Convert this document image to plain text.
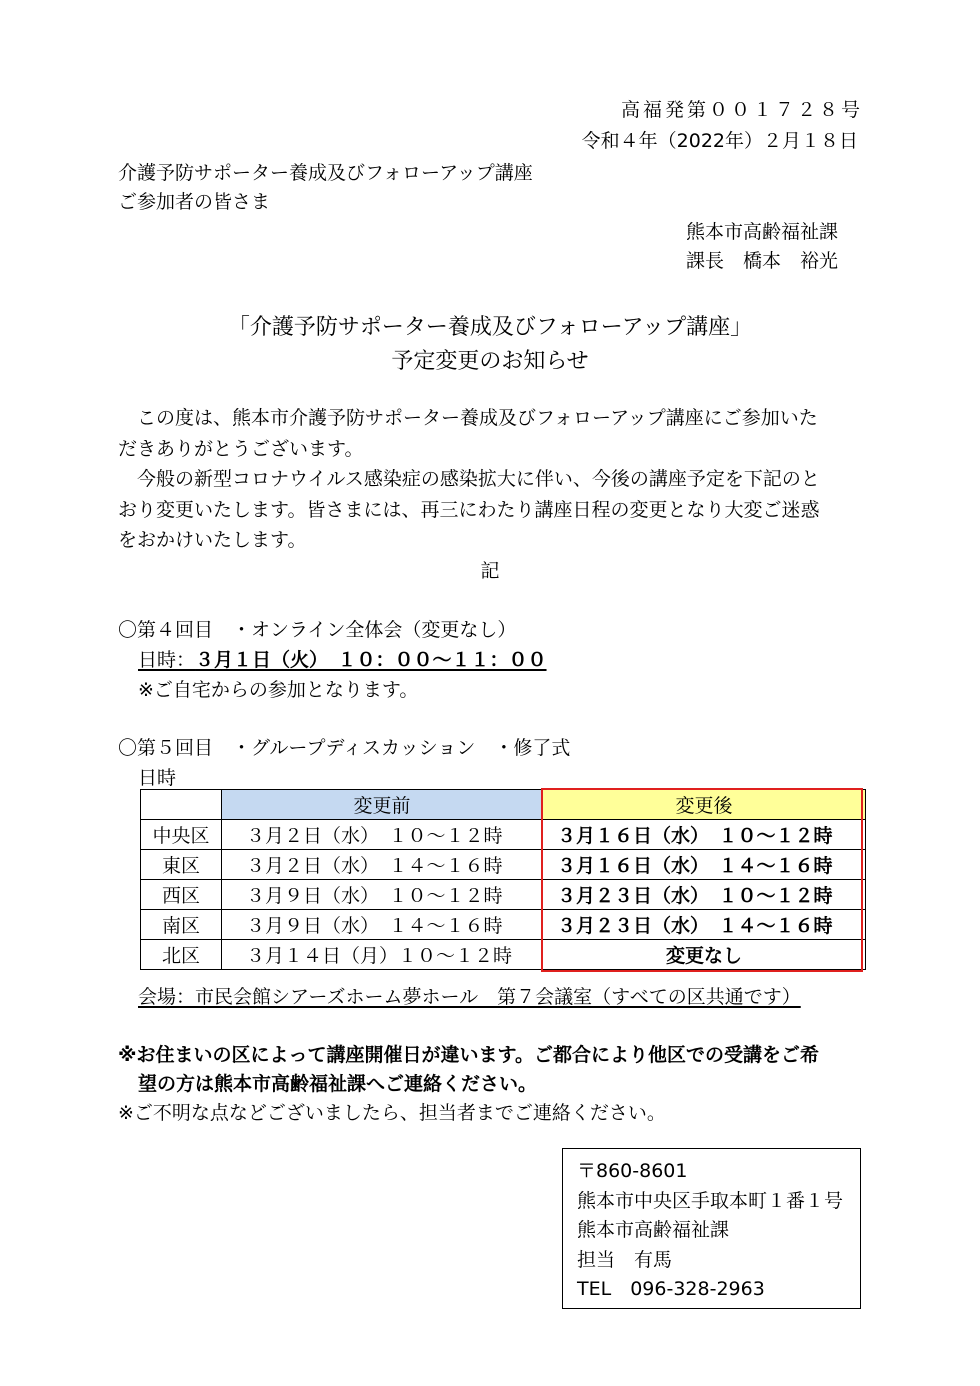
高福発第００１７２８号
令和４年（2022年）２月１８日
介護予防サポーター養成及びフォローアップ講座
ご参加者の皆さま
熊本市高齢福祉課
課長　橋本　裕光
「介護予防サポーター養成及びフォローアップ講座」
予定変更のお知らせ
この度は、熊本市介護予防サポーター養成及びフォローアップ講座にご参加いた
だきありがとうございます。
今般の新型コロナウイルス感染症の感染拡大に伴い、今後の講座予定を下記のと
おり変更いたします。皆さまには、再三にわたり講座日程の変更となり大変ご迷惑
をおかけいたします。
記
〇第４回目　・オンライン全体会（変更なし）
日時：３月１日（火）　１０：００～１１：００
※ご自宅からの参加となります。
〇第５回目　・グループディスカッション　・修了式
日時
	変更前	変更後
中央区	３月２日（水）　１０～１２時	３月１６日（水）　１０～１２時
東区	３月２日（水）　１４～１６時	３月１６日（水）　１４～１６時
西区	３月９日（水）　１０～１２時	３月２３日（水）　１０～１２時
南区	３月９日（水）　１４～１６時	３月２３日（水）　１４～１６時
北区	３月１４日（月）１０～１２時	変更なし
会場：市民会館シアーズホーム夢ホール　第７会議室（すべての区共通です）
※お住まいの区によって講座開催日が違います。ご都合により他区での受講をご希
望の方は熊本市高齢福祉課へご連絡ください。
※ご不明な点などございましたら、担当者までご連絡ください。
〒860-8601
熊本市中央区手取本町１番１号
熊本市高齢福祉課
担当　有馬
TEL　096-328-2963
